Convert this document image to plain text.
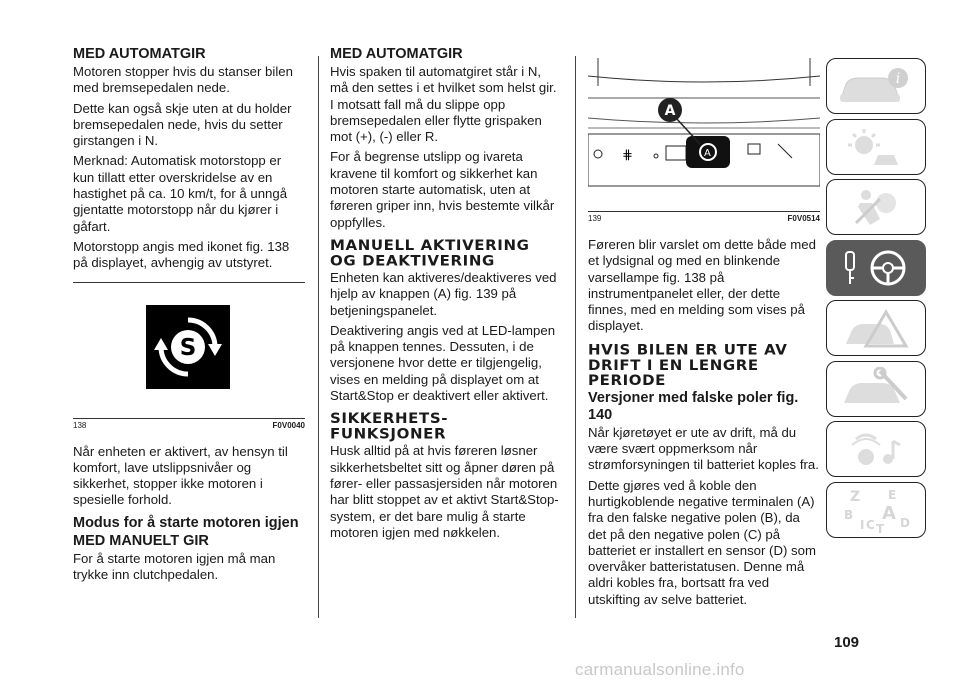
MED AUTOMATGIR

Motoren stopper hvis du stanser bilen med bremsepedalen nede.

Dette kan også skje uten at du holder bremsepedalen nede, hvis du setter girstangen i N.

Merknad: Automatisk motorstopp er kun tillatt etter overskridelse av en hastighet på ca. 10 km/t, for å unngå gjentatte motorstopp når du kjører i gåfart.

Motorstopp angis med ikonet fig. 138 på displayet, avhengig av utstyret.

S
138	F0V0040

Når enheten er aktivert, av hensyn til komfort, lave utslippsnivåer og sikkerhet, stopper ikke motoren i spesielle forhold.

Modus for å starte motoren igjen
MED MANUELT GIR

For å starte motoren igjen må man trykke inn clutchpedalen.

MED AUTOMATGIR

Hvis spaken til automatgiret står i N, må den settes i et hvilket som helst gir. I motsatt fall må du slippe opp bremsepedalen eller flytte grispaken mot (+), (-) eller R.

For å begrense utslipp og ivareta kravene til komfort og sikkerhet kan motoren starte automatisk, uten at føreren griper inn, hvis bestemte vilkår oppfylles.

MANUELL AKTIVERING
OG DEAKTIVERING

Enheten kan aktiveres/deaktiveres ved hjelp av knappen (A) fig. 139 på betjeningspanelet.

Deaktivering angis ved at LED-lampen på knappen tennes. Dessuten, i de versjonene hvor dette er tilgjengelig, vises en melding på displayet om at Start&Stop er deaktivert eller aktivert.

SIKKERHETS-
FUNKSJONER

Husk alltid på at hvis føreren løsner sikkerhetsbeltet sitt og åpner døren på fører- eller passasjersiden når motoren har blitt stoppet av et aktivt Start&Stop-system, er det bare mulig å starte motoren igjen med nøkkelen.

⋕	A
A
139	F0V0514

Føreren blir varslet om dette både med et lydsignal og med en blinkende varsellampe fig. 138 på instrumentpanelet eller, der dette finnes, med en melding som vises på displayet.

HVIS BILEN ER UTE AV
DRIFT I EN LENGRE
PERIODE
Versjoner med falske poler fig. 140

Når kjøretøyet er ute av drift, må du være svært oppmerksom når strømforsyningen til batteriet koples fra.

Dette gjøres ved å koble den hurtigkoblende negative terminalen (A) fra den falske negative polen (B), da det på den negative polen (C) på batteriet er installert en sensor (D) som overvåker batteristatusen. Denne må aldri kobles fra, bortsatt fra ved utskifting av selve batteriet.

i
Z E
B A
I C T D
109
carmanualsonline.info
